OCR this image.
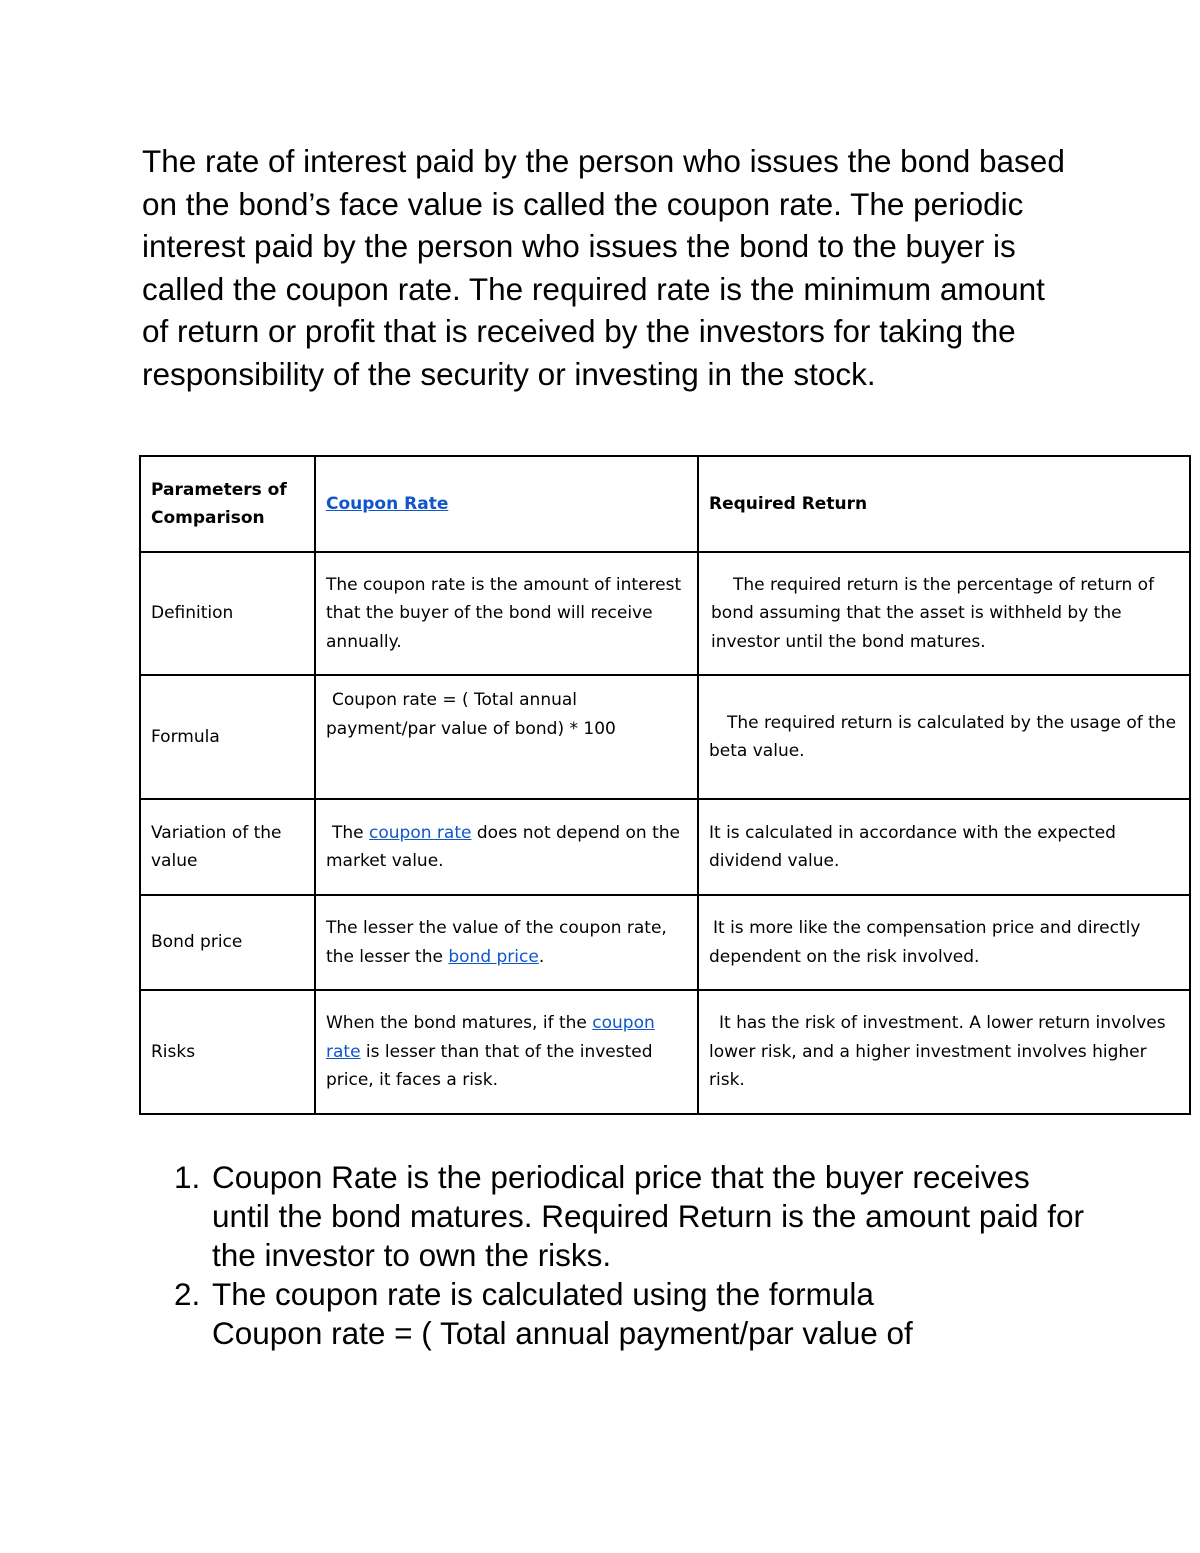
The rate of interest paid by the person who issues the bond based on the bond’s face value is called the coupon rate. The periodic interest paid by the person who issues the bond to the buyer is called the coupon rate. The required rate is the minimum amount of return or profit that is received by the investors for taking the responsibility of the security or investing in the stock.

Parameters of Comparison	Coupon Rate	Required Return
Definition	The coupon rate is the amount of interest that the buyer of the bond will receive annually.	The required return is the percentage of return of bond assuming that the asset is withheld by the investor until the bond matures.
Formula	Coupon rate = ( Total annual payment/par value of bond) * 100	The required return is calculated by the usage of the beta value.
Variation of the value	The coupon rate does not depend on the market value.	It is calculated in accordance with the expected dividend value.
Bond price	The lesser the value of the coupon rate, the lesser the bond price.	It is more like the compensation price and directly dependent on the risk involved.
Risks	When the bond matures, if the coupon rate is lesser than that of the invested price, it faces a risk.	It has the risk of investment. A lower return involves lower risk, and a higher investment involves higher risk.
1. Coupon Rate is the periodical price that the buyer receives until the bond matures. Required Return is the amount paid for the investor to own the risks.
2. The coupon rate is calculated using the formula
Coupon rate = ( Total annual payment/par value of
